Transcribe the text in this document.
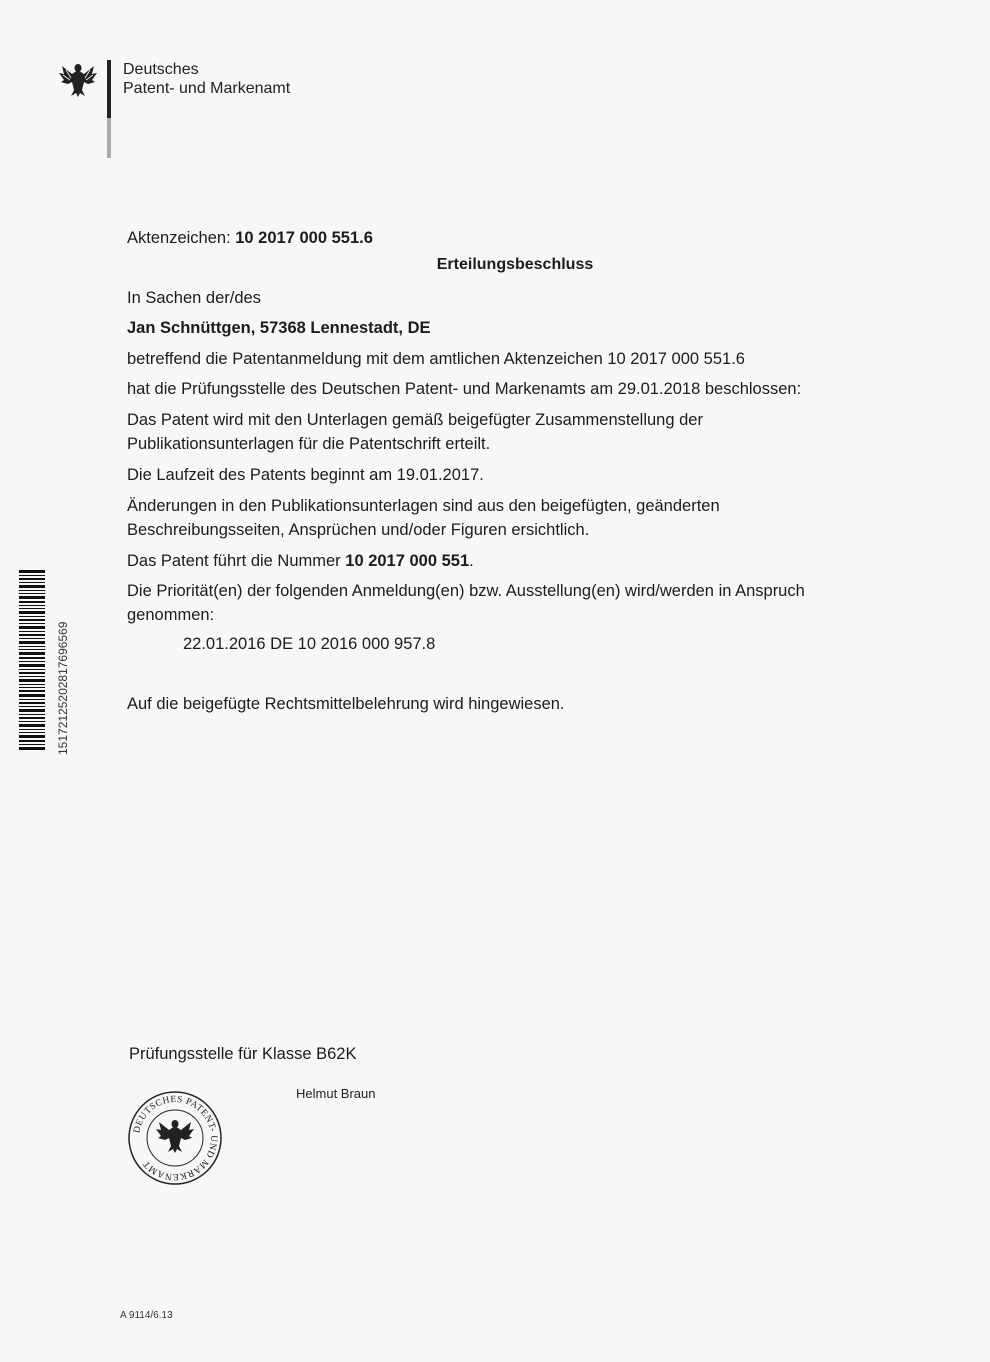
Deutsches
Patent- und Markenamt
Aktenzeichen: 10 2017 000 551.6
Erteilungsbeschluss
In Sachen der/des
Jan Schnüttgen, 57368 Lennestadt, DE
betreffend die Patentanmeldung mit dem amtlichen Aktenzeichen 10 2017 000 551.6
hat die Prüfungsstelle des Deutschen Patent- und Markenamts am 29.01.2018 beschlossen:
Das Patent wird mit den Unterlagen gemäß beigefügter Zusammenstellung der
Publikationsunterlagen für die Patentschrift erteilt.
Die Laufzeit des Patents beginnt am 19.01.2017.
Änderungen in den Publikationsunterlagen sind aus den beigefügten, geänderten
Beschreibungsseiten, Ansprüchen und/oder Figuren ersichtlich.
Das Patent führt die Nummer 10 2017 000 551.
Die Priorität(en) der folgenden Anmeldung(en) bzw. Ausstellung(en) wird/werden in Anspruch
genommen:
22.01.2016 DE 10 2016 000 957.8
Auf die beigefügte Rechtsmittelbelehrung wird hingewiesen.
151721252028176965​69
Prüfungsstelle für Klasse B62K
Helmut Braun
DEUTSCHES PATENT- UND MARKENAMT
A 9114/6.13
